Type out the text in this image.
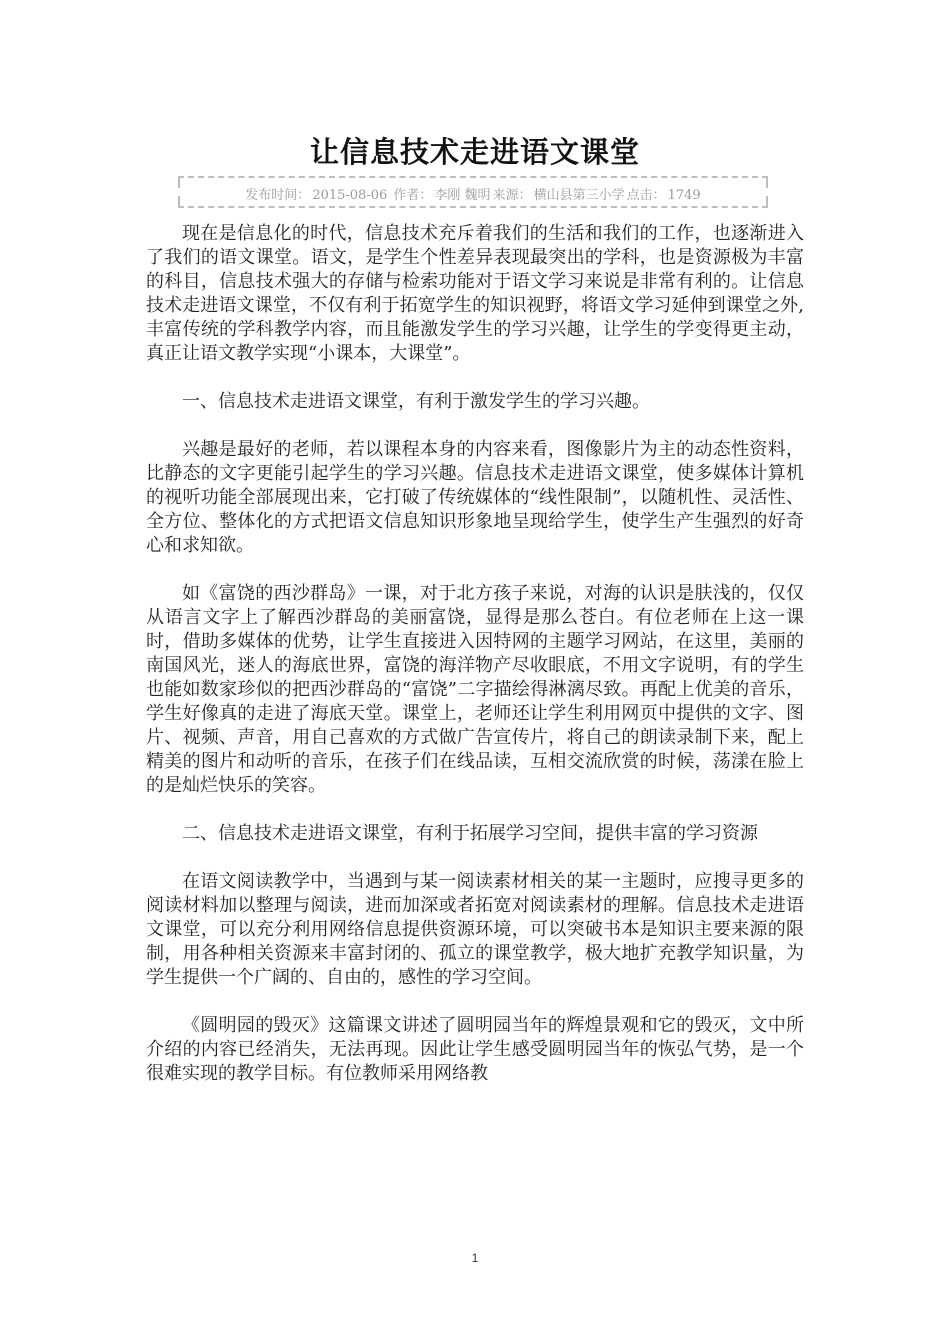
让信息技术走进语文课堂
发布时间： 2015-08-06 作者： 李刚 魏明 来源： 横山县第三小学 点击： 1749

现在是信息化的时代，信息技术充斥着我们的生活和我们的工作，也逐渐进入了我们的语文课堂。语文，是学生个性差异表现最突出的学科，也是资源极为丰富的科目，信息技术强大的存储与检索功能对于语文学习来说是非常有利的。让信息技术走进语文课堂，不仅有利于拓宽学生的知识视野，将语文学习延伸到课堂之外,丰富传统的学科教学内容，而且能激发学生的学习兴趣，让学生的学变得更主动，真正让语文教学实现“小课本，大课堂”。

一、信息技术走进语文课堂，有利于激发学生的学习兴趣。

兴趣是最好的老师，若以课程本身的内容来看，图像影片为主的动态性资料，比静态的文字更能引起学生的学习兴趣。信息技术走进语文课堂，使多媒体计算机的视听功能全部展现出来，它打破了传统媒体的“线性限制”，以随机性、灵活性、全方位、整体化的方式把语文信息知识形象地呈现给学生，使学生产生强烈的好奇心和求知欲。

如《富饶的西沙群岛》一课，对于北方孩子来说，对海的认识是肤浅的，仅仅从语言文字上了解西沙群岛的美丽富饶，显得是那么苍白。有位老师在上这一课时，借助多媒体的优势，让学生直接进入因特网的主题学习网站，在这里，美丽的南国风光，迷人的海底世界，富饶的海洋物产尽收眼底，不用文字说明，有的学生也能如数家珍似的把西沙群岛的“富饶”二字描绘得淋漓尽致。再配上优美的音乐，学生好像真的走进了海底天堂。课堂上，老师还让学生利用网页中提供的文字、图片、视频、声音，用自己喜欢的方式做广告宣传片，将自己的朗读录制下来，配上精美的图片和动听的音乐，在孩子们在线品读，互相交流欣赏的时候，荡漾在脸上的是灿烂快乐的笑容。

二、信息技术走进语文课堂，有利于拓展学习空间，提供丰富的学习资源

在语文阅读教学中，当遇到与某一阅读素材相关的某一主题时，应搜寻更多的阅读材料加以整理与阅读，进而加深或者拓宽对阅读素材的理解。信息技术走进语文课堂，可以充分利用网络信息提供资源环境，可以突破书本是知识主要来源的限制，用各种相关资源来丰富封闭的、孤立的课堂教学，极大地扩充教学知识量，为学生提供一个广阔的、自由的，感性的学习空间。

《圆明园的毁灭》这篇课文讲述了圆明园当年的辉煌景观和它的毁灭，文中所介绍的内容已经消失，无法再现。因此让学生感受圆明园当年的恢弘气势，是一个很难实现的教学目标。有位教师采用网络教

1
